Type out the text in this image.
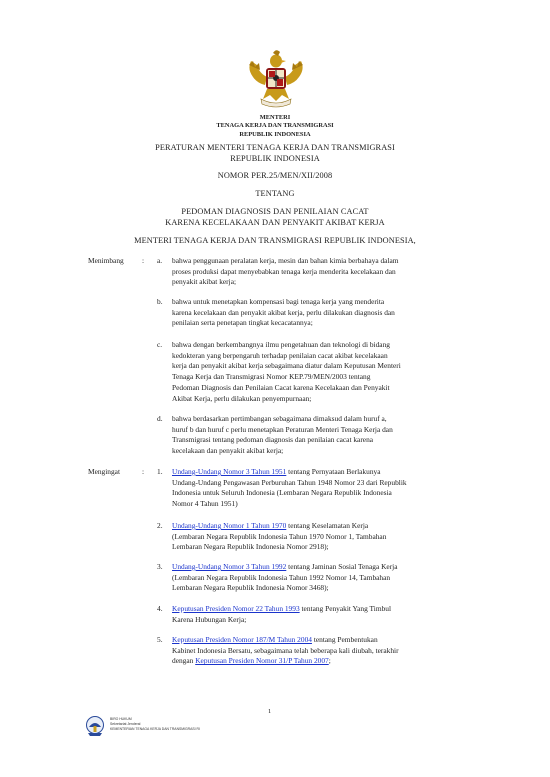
MENTERI
TENAGA KERJA DAN TRANSMIGRASI
REPUBLIK INDONESIA
PERATURAN MENTERI TENAGA KERJA DAN TRANSMIGRASI
REPUBLIK INDONESIA
NOMOR PER.25/MEN/XII/2008
TENTANG
PEDOMAN DIAGNOSIS DAN PENILAIAN CACAT
KARENA KECELAKAAN DAN PENYAKIT AKIBAT KERJA
MENTERI TENAGA KERJA DAN TRANSMIGRASI REPUBLIK INDONESIA,
Menimbang : a. bahwa penggunaan peralatan kerja, mesin dan bahan kimia berbahaya dalam
proses produksi dapat menyebabkan tenaga kerja menderita kecelakaan dan
penyakit akibat kerja;
b. bahwa untuk menetapkan kompensasi bagi tenaga kerja yang menderita
karena kecelakaan dan penyakit akibat kerja, perlu dilakukan diagnosis dan
penilaian serta penetapan tingkat kecacatannya;
c. bahwa dengan berkembangnya ilmu pengetahuan dan teknologi di bidang
kedokteran yang berpengaruh terhadap penilaian cacat akibat kecelakaan
kerja dan penyakit akibat kerja sebagaimana diatur dalam Keputusan Menteri
Tenaga Kerja dan Transmigrasi Nomor KEP.79/MEN/2003 tentang
Pedoman Diagnosis dan Penilaian Cacat karena Kecelakaan dan Penyakit
Akibat Kerja, perlu dilakukan penyempurnaan;
d. bahwa berdasarkan pertimbangan sebagaimana dimaksud dalam huruf a,
huruf b dan huruf c perlu menetapkan Peraturan Menteri Tenaga Kerja dan
Transmigrasi tentang pedoman diagnosis dan penilaian cacat karena
kecelakaan dan penyakit akibat kerja;
Mengingat	: 1. Undang-Undang Nomor 3 Tahun 1951 tentang Pernyataan Berlakunya
Undang-Undang Pengawasan Perburuhan Tahun 1948 Nomor 23 dari Republik
Indonesia untuk Seluruh Indonesia (Lembaran Negara Republik Indonesia
Nomor 4 Tahun 1951)
2. Undang-Undang Nomor 1 Tahun 1970 tentang Keselamatan Kerja
(Lembaran Negara Republik Indonesia Tahun 1970 Nomor 1, Tambahan
Lembaran Negara Republik Indonesia Nomor 2918);
3. Undang-Undang Nomor 3 Tahun 1992 tentang Jaminan Sosial Tenaga Kerja
(Lembaran Negara Republik Indonesia Tahun 1992 Nomor 14, Tambahan
Lembaran Negara Republik Indonesia Nomor 3468);
4. Keputusan Presiden Nomor 22 Tahun 1993 tentang Penyakit Yang Timbul
Karena Hubungan Kerja;
5. Keputusan Presiden Nomor 187/M Tahun 2004 tentang Pembentukan
Kabinet Indonesia Bersatu, sebagaimana telah beberapa kali diubah, terakhir
dengan Keputusan Presiden Nomor 31/P Tahun 2007;
1
BIRO HUKUM
Sekretariat Jenderal
KEMENTERIAN TENAGA KERJA DAN TRANSMIGRASI RI
